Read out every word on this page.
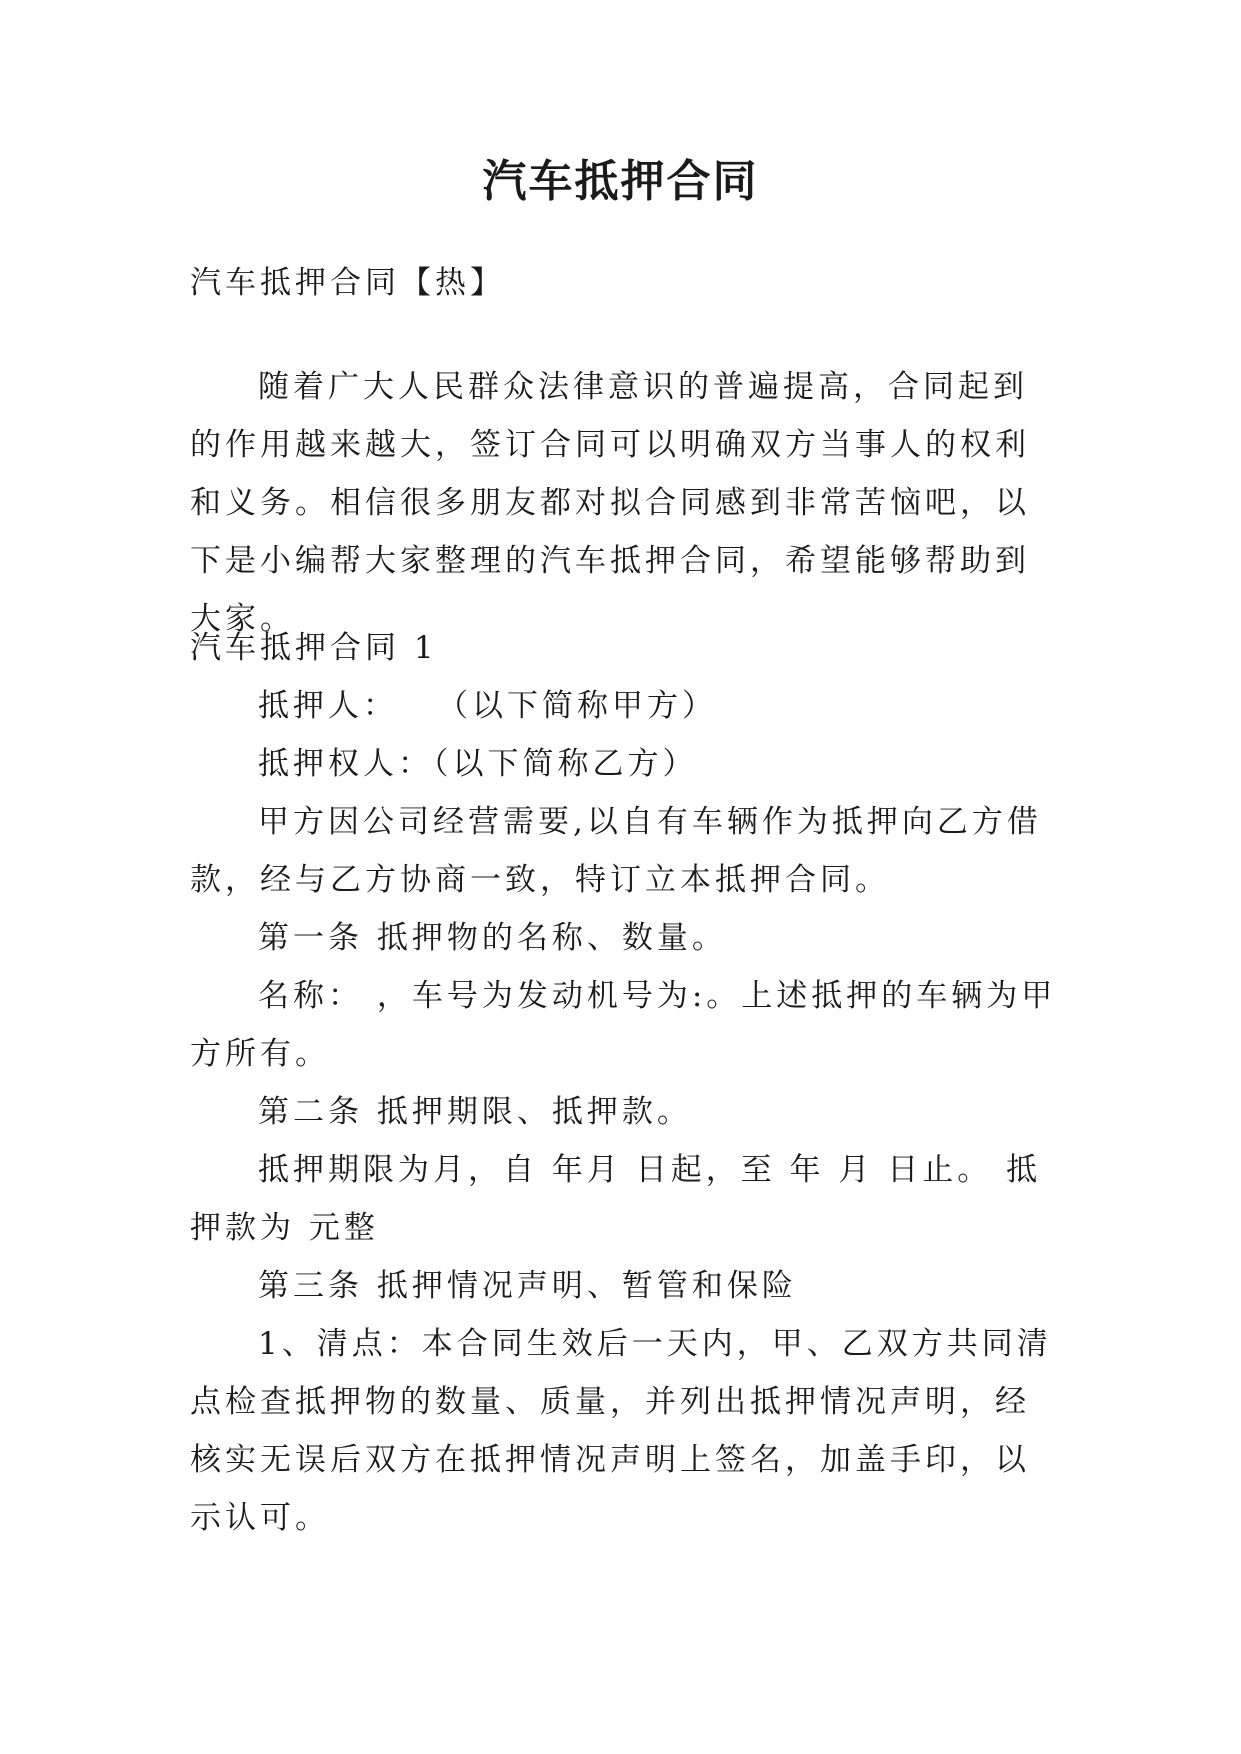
汽车抵押合同

汽车抵押合同【热】

随着广大人民群众法律意识的普遍提高，合同起到的作用越来越大，签订合同可以明确双方当事人的权利和义务。相信很多朋友都对拟合同感到非常苦恼吧，以下是小编帮大家整理的汽车抵押合同，希望能够帮助到大家。

汽车抵押合同 1

抵押人：　　（以下简称甲方）

抵押权人：（以下简称乙方）

甲方因公司经营需要,以自有车辆作为抵押向乙方借款，经与乙方协商一致，特订立本抵押合同。

第一条 抵押物的名称、数量。

名称： ，车号为发动机号为:。上述抵押的车辆为甲方所有。

第二条 抵押期限、抵押款。

抵押期限为月，自 年月 日起，至 年 月 日止。 抵押款为 元整

第三条 抵押情况声明、暂管和保险

1、清点：本合同生效后一天内，甲、乙双方共同清点检查抵押物的数量、质量，并列出抵押情况声明，经核实无误后双方在抵押情况声明上签名，加盖手印，以示认可。
